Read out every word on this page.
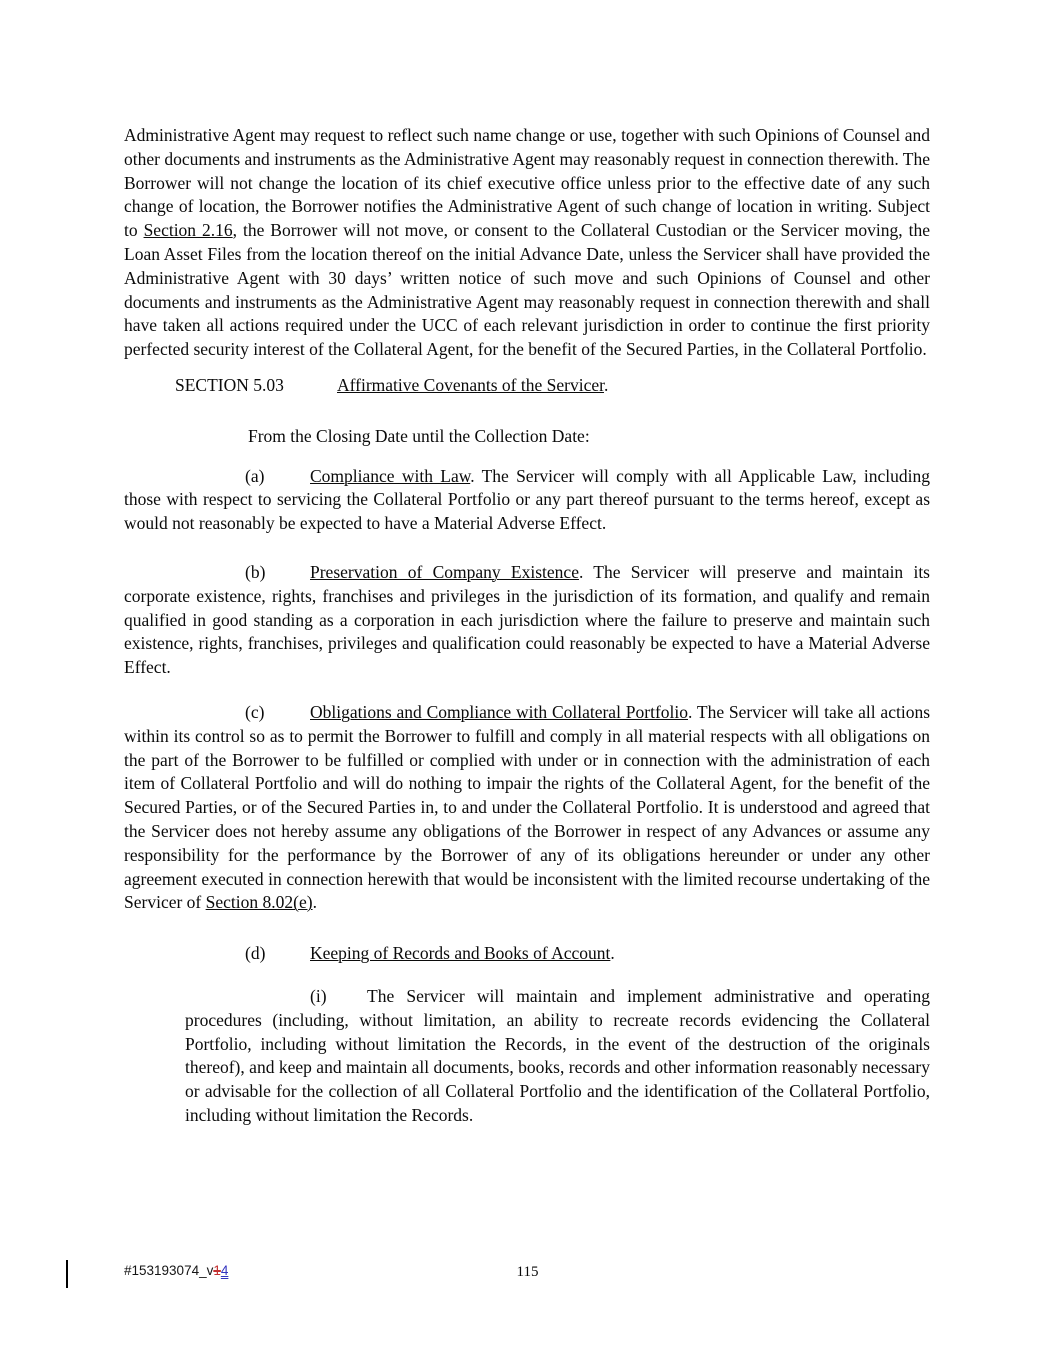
Administrative Agent may request to reflect such name change or use, together with such Opinions of Counsel and other documents and instruments as the Administrative Agent may reasonably request in connection therewith. The Borrower will not change the location of its chief executive office unless prior to the effective date of any such change of location, the Borrower notifies the Administrative Agent of such change of location in writing. Subject to Section 2.16, the Borrower will not move, or consent to the Collateral Custodian or the Servicer moving, the Loan Asset Files from the location thereof on the initial Advance Date, unless the Servicer shall have provided the Administrative Agent with 30 days’ written notice of such move and such Opinions of Counsel and other documents and instruments as the Administrative Agent may reasonably request in connection therewith and shall have taken all actions required under the UCC of each relevant jurisdiction in order to continue the first priority perfected security interest of the Collateral Agent, for the benefit of the Secured Parties, in the Collateral Portfolio.

SECTION 5.03	Affirmative Covenants of the Servicer.

From the Closing Date until the Collection Date:

(a)	Compliance with Law. The Servicer will comply with all Applicable Law, including those with respect to servicing the Collateral Portfolio or any part thereof pursuant to the terms hereof, except as would not reasonably be expected to have a Material Adverse Effect.

(b)	Preservation of Company Existence. The Servicer will preserve and maintain its corporate existence, rights, franchises and privileges in the jurisdiction of its formation, and qualify and remain qualified in good standing as a corporation in each jurisdiction where the failure to preserve and maintain such existence, rights, franchises, privileges and qualification could reasonably be expected to have a Material Adverse Effect.

(c)	Obligations and Compliance with Collateral Portfolio. The Servicer will take all actions within its control so as to permit the Borrower to fulfill and comply in all material respects with all obligations on the part of the Borrower to be fulfilled or complied with under or in connection with the administration of each item of Collateral Portfolio and will do nothing to impair the rights of the Collateral Agent, for the benefit of the Secured Parties, or of the Secured Parties in, to and under the Collateral Portfolio. It is understood and agreed that the Servicer does not hereby assume any obligations of the Borrower in respect of any Advances or assume any responsibility for the performance by the Borrower of any of its obligations hereunder or under any other agreement executed in connection herewith that would be inconsistent with the limited recourse undertaking of the Servicer of Section 8.02(e).

(d)	Keeping of Records and Books of Account.

(i) The Servicer will maintain and implement administrative and operating procedures (including, without limitation, an ability to recreate records evidencing the Collateral Portfolio, including without limitation the Records, in the event of the destruction of the originals thereof), and keep and maintain all documents, books, records and other information reasonably necessary or advisable for the collection of all Collateral Portfolio and the identification of the Collateral Portfolio, including without limitation the Records.

#153193074_v14	115
